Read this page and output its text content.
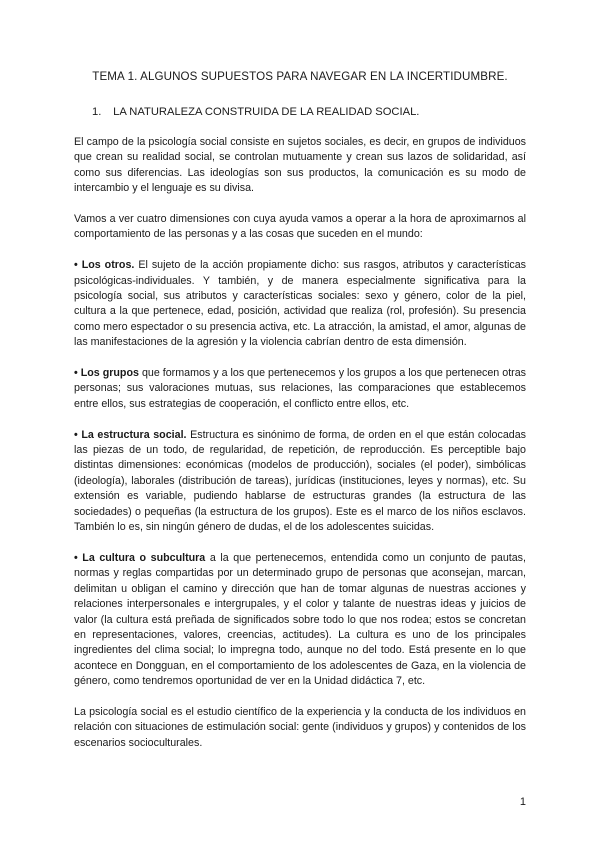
TEMA 1. ALGUNOS SUPUESTOS PARA NAVEGAR EN LA INCERTIDUMBRE.
1. LA NATURALEZA CONSTRUIDA DE LA REALIDAD SOCIAL.

El campo de la psicología social consiste en sujetos sociales, es decir, en grupos de individuos que crean su realidad social, se controlan mutuamente y crean sus lazos de solidaridad, así como sus diferencias. Las ideologías son sus productos, la comunicación es su modo de intercambio y el lenguaje es su divisa.

Vamos a ver cuatro dimensiones con cuya ayuda vamos a operar a la hora de aproximarnos al comportamiento de las personas y a las cosas que suceden en el mundo:

• Los otros. El sujeto de la acción propiamente dicho: sus rasgos, atributos y características psicológicas-individuales. Y también, y de manera especialmente significativa para la psicología social, sus atributos y características sociales: sexo y género, color de la piel, cultura a la que pertenece, edad, posición, actividad que realiza (rol, profesión). Su presencia como mero espectador o su presencia activa, etc. La atracción, la amistad, el amor, algunas de las manifestaciones de la agresión y la violencia cabrían dentro de esta dimensión.

• Los grupos que formamos y a los que pertenecemos y los grupos a los que pertenecen otras personas; sus valoraciones mutuas, sus relaciones, las comparaciones que establecemos entre ellos, sus estrategias de cooperación, el conflicto entre ellos, etc.

• La estructura social. Estructura es sinónimo de forma, de orden en el que están colocadas las piezas de un todo, de regularidad, de repetición, de reproducción. Es perceptible bajo distintas dimensiones: económicas (modelos de producción), sociales (el poder), simbólicas (ideología), laborales (distribución de tareas), jurídicas (instituciones, leyes y normas), etc. Su extensión es variable, pudiendo hablarse de estructuras grandes (la estructura de las sociedades) o pequeñas (la estructura de los grupos). Este es el marco de los niños esclavos. También lo es, sin ningún género de dudas, el de los adolescentes suicidas.

• La cultura o subcultura a la que pertenecemos, entendida como un conjunto de pautas, normas y reglas compartidas por un determinado grupo de personas que aconsejan, marcan, delimitan u obligan el camino y dirección que han de tomar algunas de nuestras acciones y relaciones interpersonales e intergrupales, y el color y talante de nuestras ideas y juicios de valor (la cultura está preñada de significados sobre todo lo que nos rodea; estos se concretan en representaciones, valores, creencias, actitudes). La cultura es uno de los principales ingredientes del clima social; lo impregna todo, aunque no del todo. Está presente en lo que acontece en Dongguan, en el comportamiento de los adolescentes de Gaza, en la violencia de género, como tendremos oportunidad de ver en la Unidad didáctica 7, etc.

La psicología social es el estudio científico de la experiencia y la conducta de los individuos en relación con situaciones de estimulación social: gente (individuos y grupos) y contenidos de los escenarios socioculturales.

1
